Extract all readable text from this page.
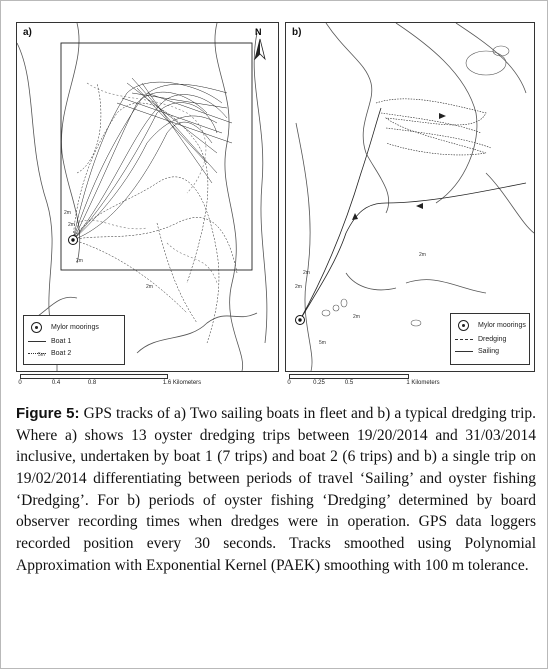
a)	N
Mylor moorings
Boat 1
Boat 2
b)
Mylor moorings
Dredging
Sailing
0	0.4	0.8	1.6 Kilometers	0	0.25	0.5	1 Kilometers
2m
2m
2m
2m
5m
2m
2m
2m
2m
5m
Figure 5: GPS tracks of a) Two sailing boats in fleet and b) a typical dredging trip. Where a) shows 13 oyster dredging trips between 19/20/2014 and 31/03/2014 inclusive, undertaken by boat 1 (7 trips) and boat 2 (6 trips) and b) a single trip on 19/02/2014 differentiating between periods of travel ‘Sailing’ and oyster fishing ‘Dredging’. For b) periods of oyster fishing ‘Dredging’ determined by board observer recording times when dredges were in operation. GPS data loggers recorded position every 30 seconds. Tracks smoothed using Polynomial Approximation with Exponential Kernel (PAEK) smoothing with 100 m tolerance.
